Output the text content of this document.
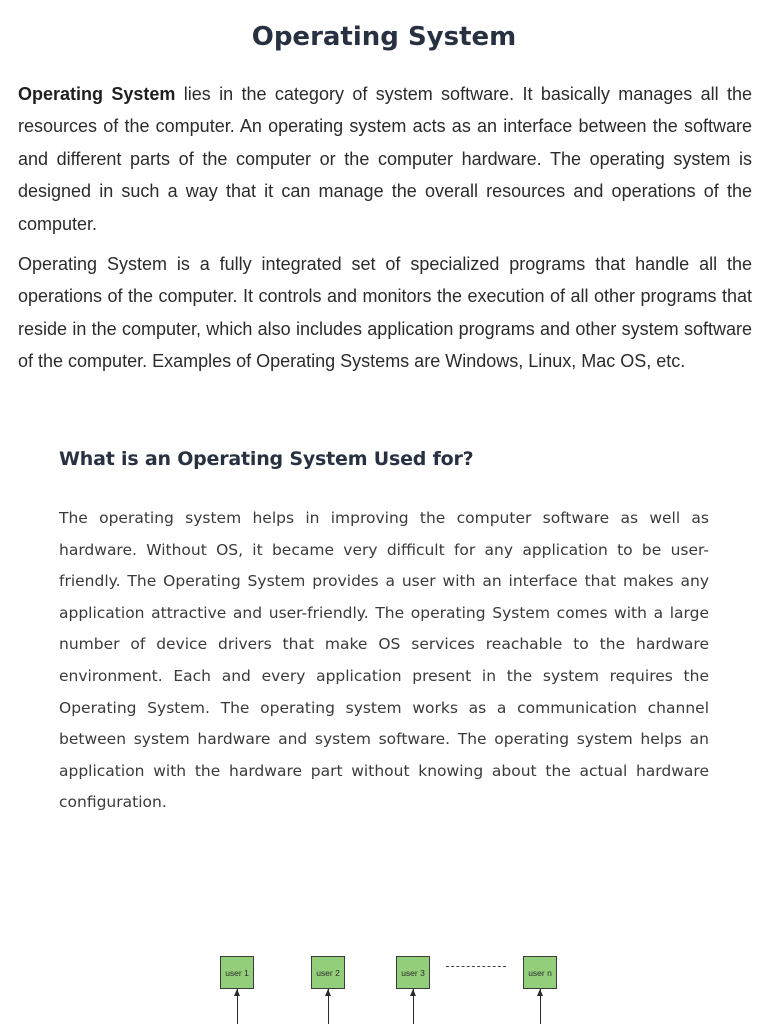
Operating System

Operating System lies in the category of system software. It basically manages all the resources of the computer. An operating system acts as an interface between the software and different parts of the computer or the computer hardware. The operating system is designed in such a way that it can manage the overall resources and operations of the computer.

Operating System is a fully integrated set of specialized programs that handle all the operations of the computer. It controls and monitors the execution of all other programs that reside in the computer, which also includes application programs and other system software of the computer. Examples of Operating Systems are Windows, Linux, Mac OS, etc.

What is an Operating System Used for?

The operating system helps in improving the computer software as well as hardware. Without OS, it became very difficult for any application to be user-friendly. The Operating System provides a user with an interface that makes any application attractive and user-friendly. The operating System comes with a large number of device drivers that make OS services reachable to the hardware environment. Each and every application present in the system requires the Operating System. The operating system works as a communication channel between system hardware and system software. The operating system helps an application with the hardware part without knowing about the actual hardware configuration.

user 1	user 2	user 3	user n
